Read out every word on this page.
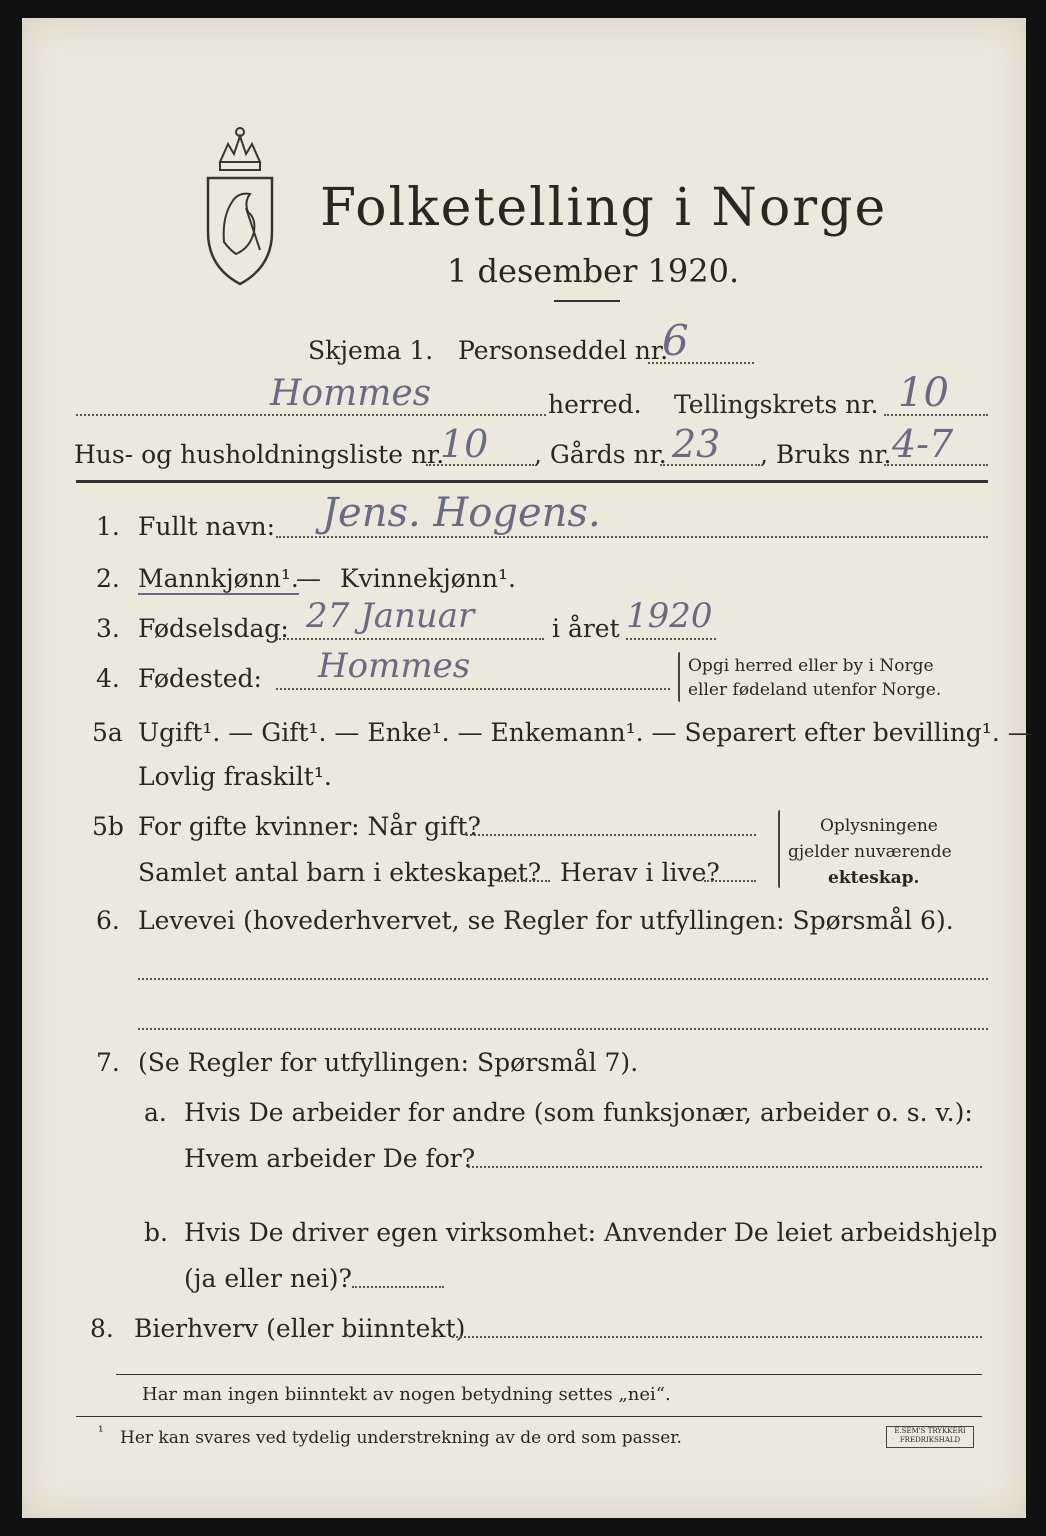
Folketelling i Norge
1 desember 1920.
Skjema 1. Personseddel nr.
6
Hommes	herred. Tellingskrets nr. 10
Hus- og husholdningsliste nr.
10 , Gårds nr. 23 , Bruks nr. 4-7
1. Fullt navn: Jens. Hogens.
2. Mannkjønn¹.
— Kvinnekjønn¹.
3. Fødselsdag: 27 Januar	i året 1920
4. Fødested: Hommes	Opgi herred eller by i Norge
eller fødeland utenfor Norge.
5a Ugift¹. — Gift¹. — Enke¹. — Enkemann¹. — Separert efter bevilling¹. —
Lovlig fraskilt¹.
5b For gifte kvinner: Når gift?
Samlet antal barn i ekteskapet? Herav i live?
Oplysningene
gjelder nuværende
ekteskap.
6. Levevei (hovederhvervet, se Regler for utfyllingen: Spørsmål 6).
7. (Se Regler for utfyllingen: Spørsmål 7).
a. Hvis De arbeider for andre (som funksjonær, arbeider o. s. v.):
Hvem arbeider De for?
b. Hvis De driver egen virksomhet: Anvender De leiet arbeidshjelp
(ja eller nei)?
8. Bierhverv (eller biinntekt)
Har man ingen biinntekt av nogen betydning settes „nei“.
¹ Her kan svares ved tydelig understrekning av de ord som passer.	E.SEM'S TRYKKERI FREDRIKSHALD
